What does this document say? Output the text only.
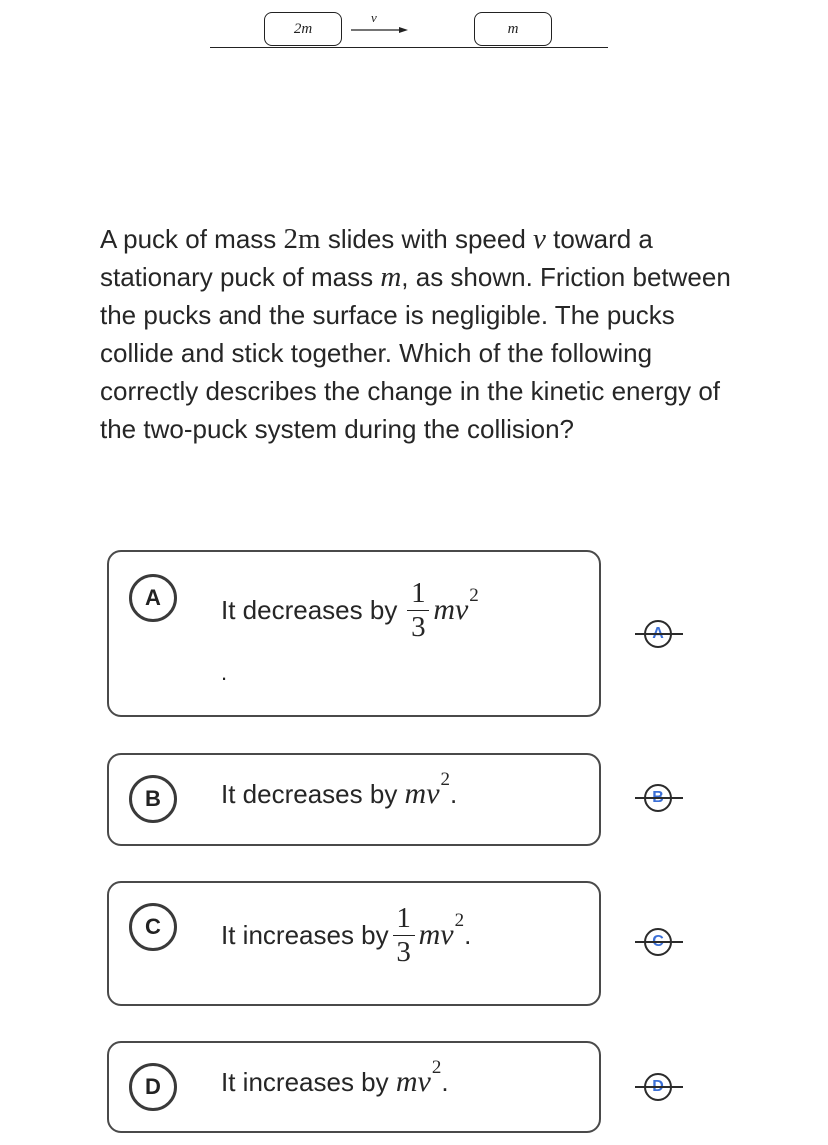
2m
v
m
A puck of mass 2m slides with speed v toward a stationary puck of mass m, as shown. Friction between the pucks and the surface is negligible. The pucks collide and stick together. Which of the following correctly describes the change in the kinetic energy of the two-puck system during the collision?
A	It decreases by $\frac{1}{3}$ mv 2
.
B	It decreases by
mv 2 .
C	It increases by $\frac{1}{3}$ mv 2 .
D	It increases by
mv 2 .
A
B
C
D
